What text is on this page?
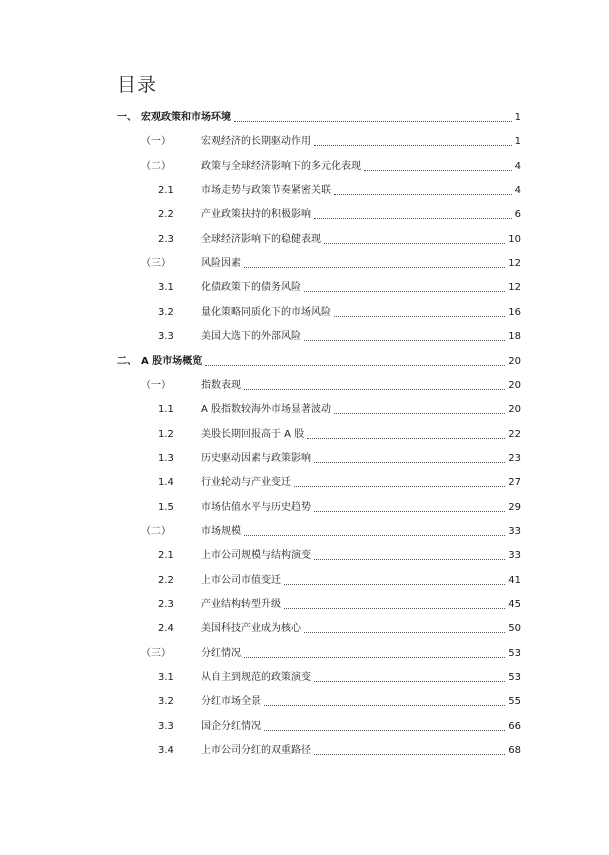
目录
一、 宏观政策和市场环境	1
（一）	宏观经济的长期驱动作用	1
（二）	政策与全球经济影响下的多元化表现	4
2.1	市场走势与政策节奏紧密关联	4
2.2	产业政策扶持的积极影响	6
2.3	全球经济影响下的稳健表现	10
（三）	风险因素	12
3.1	化债政策下的债务风险	12
3.2	量化策略同质化下的市场风险	16
3.3	美国大选下的外部风险	18
二、 A 股市场概览	20
（一）	指数表现	20
1.1	A 股指数较海外市场显著波动	20
1.2	美股长期回报高于 A 股	22
1.3	历史驱动因素与政策影响	23
1.4	行业轮动与产业变迁	27
1.5	市场估值水平与历史趋势	29
（二）	市场规模	33
2.1	上市公司规模与结构演变	33
2.2	上市公司市值变迁	41
2.3	产业结构转型升级	45
2.4	美国科技产业成为核心	50
（三）	分红情况	53
3.1	从自主到规范的政策演变	53
3.2	分红市场全景	55
3.3	国企分红情况	66
3.4	上市公司分红的双重路径	68
